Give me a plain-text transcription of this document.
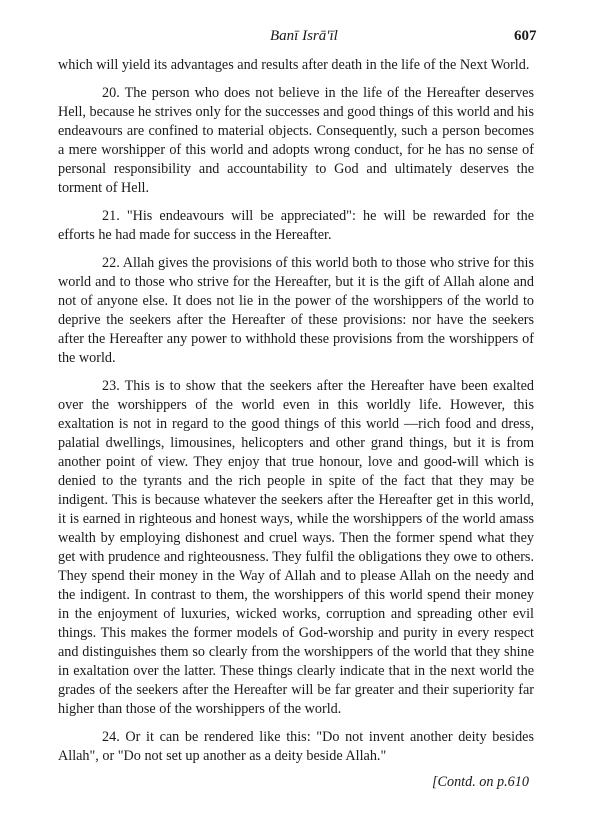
Banī Isrā'īl	607

which will yield its advantages and results after death in the life of the Next World.

20. The person who does not believe in the life of the Hereafter deserves Hell, because he strives only for the successes and good things of this world and his endeavours are confined to material objects. Consequently, such a person becomes a mere worshipper of this world and adopts wrong conduct, for he has no sense of personal responsibility and accountability to God and ultimately deserves the torment of Hell.

21. "His endeavours will be appreciated": he will be rewarded for the efforts he had made for success in the Hereafter.

22. Allah gives the provisions of this world both to those who strive for this world and to those who strive for the Hereafter, but it is the gift of Allah alone and not of anyone else. It does not lie in the power of the worshippers of the world to deprive the seekers after the Hereafter of these provisions: nor have the seekers after the Hereafter any power to withhold these provisions from the worshippers of the world.

23. This is to show that the seekers after the Hereafter have been exalted over the worshippers of the world even in this worldly life. However, this exaltation is not in regard to the good things of this world —rich food and dress, palatial dwellings, limousines, helicopters and other grand things, but it is from another point of view. They enjoy that true honour, love and good-will which is denied to the tyrants and the rich people in spite of the fact that they may be indigent. This is because whatever the seekers after the Hereafter get in this world, it is earned in righteous and honest ways, while the worshippers of the world amass wealth by employing dishonest and cruel ways. Then the former spend what they get with prudence and righteousness. They fulfil the obligations they owe to others. They spend their money in the Way of Allah and to please Allah on the needy and the indigent. In contrast to them, the worshippers of this world spend their money in the enjoyment of luxuries, wicked works, corruption and spreading other evil things. This makes the former models of God-worship and purity in every respect and distinguishes them so clearly from the worshippers of the world that they shine in exaltation over the latter. These things clearly indicate that in the next world the grades of the seekers after the Hereafter will be far greater and their superiority far higher than those of the worshippers of the world.

24. Or it can be rendered like this: "Do not invent another deity besides Allah", or "Do not set up another as a deity beside Allah."

[Contd. on p.610
